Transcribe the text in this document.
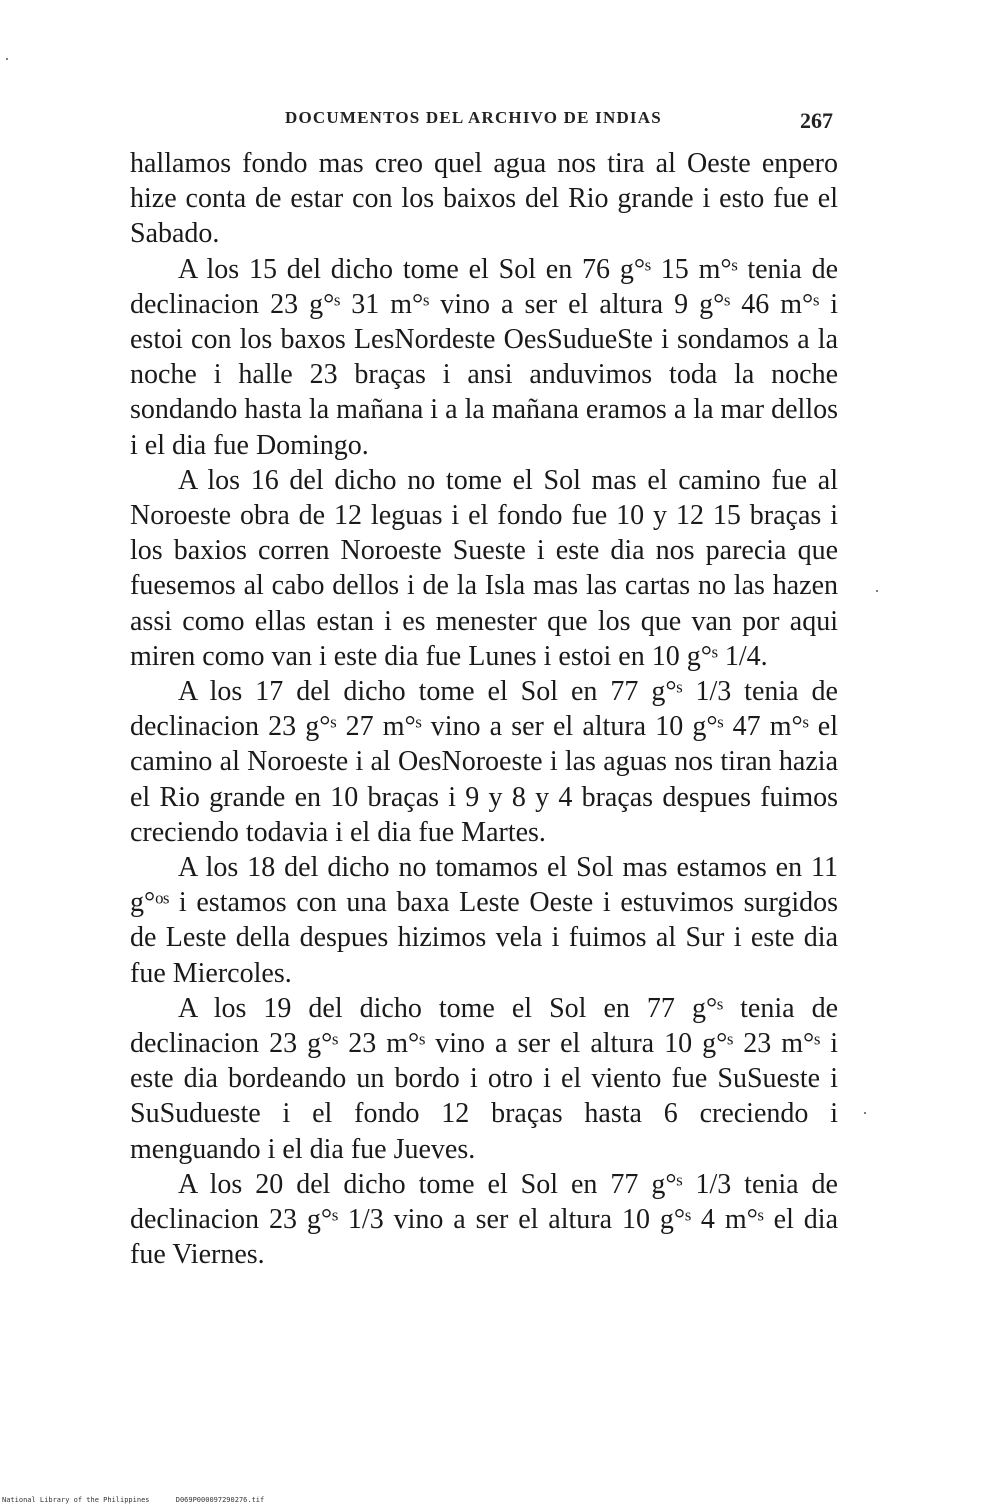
DOCUMENTOS DEL ARCHIVO DE INDIAS	267

hallamos fondo mas creo quel agua nos tira al Oeste enpero hize conta de estar con los baixos del Rio grande i esto fue el Sabado.

A los 15 del dicho tome el Sol en 76 g°ˢ 15 m°ˢ tenia de declinacion 23 g°ˢ 31 m°ˢ vino a ser el altura 9 g°ˢ 46 m°ˢ i estoi con los baxos LesNordeste OesSudueSte i sondamos a la noche i halle 23 braças i ansi anduvimos toda la noche sondando hasta la mañana i a la mañana eramos a la mar dellos i el dia fue Domingo.

A los 16 del dicho no tome el Sol mas el camino fue al Noroeste obra de 12 leguas i el fondo fue 10 y 12 15 braças i los baxios corren Noroeste Sueste i este dia nos parecia que fuesemos al cabo dellos i de la Isla mas las cartas no las hazen assi como ellas estan i es menester que los que van por aqui miren como van i este dia fue Lunes i estoi en 10 g°ˢ 1/4.

A los 17 del dicho tome el Sol en 77 g°ˢ 1/3 tenia de declinacion 23 g°ˢ 27 m°ˢ vino a ser el altura 10 g°ˢ 47 m°ˢ el camino al Noroeste i al OesNoroeste i las aguas nos tiran hazia el Rio grande en 10 braças i 9 y 8 y 4 braças despues fuimos creciendo todavia i el dia fue Martes.

A los 18 del dicho no tomamos el Sol mas estamos en 11 g°ᵒˢ i estamos con una baxa Leste Oeste i estuvimos surgidos de Leste della despues hizimos vela i fuimos al Sur i este dia fue Miercoles.

A los 19 del dicho tome el Sol en 77 g°ˢ tenia de declinacion 23 g°ˢ 23 m°ˢ vino a ser el altura 10 g°ˢ 23 m°ˢ i este dia bordeando un bordo i otro i el viento fue SuSueste i SuSudueste i el fondo 12 braças hasta 6 creciendo i menguando i el dia fue Jueves.

A los 20 del dicho tome el Sol en 77 g°ˢ 1/3 tenia de declinacion 23 g°ˢ 1/3 vino a ser el altura 10 g°ˢ 4 m°ˢ el dia fue Viernes.

National Library of the Philippines	D069P000097290276.tif
